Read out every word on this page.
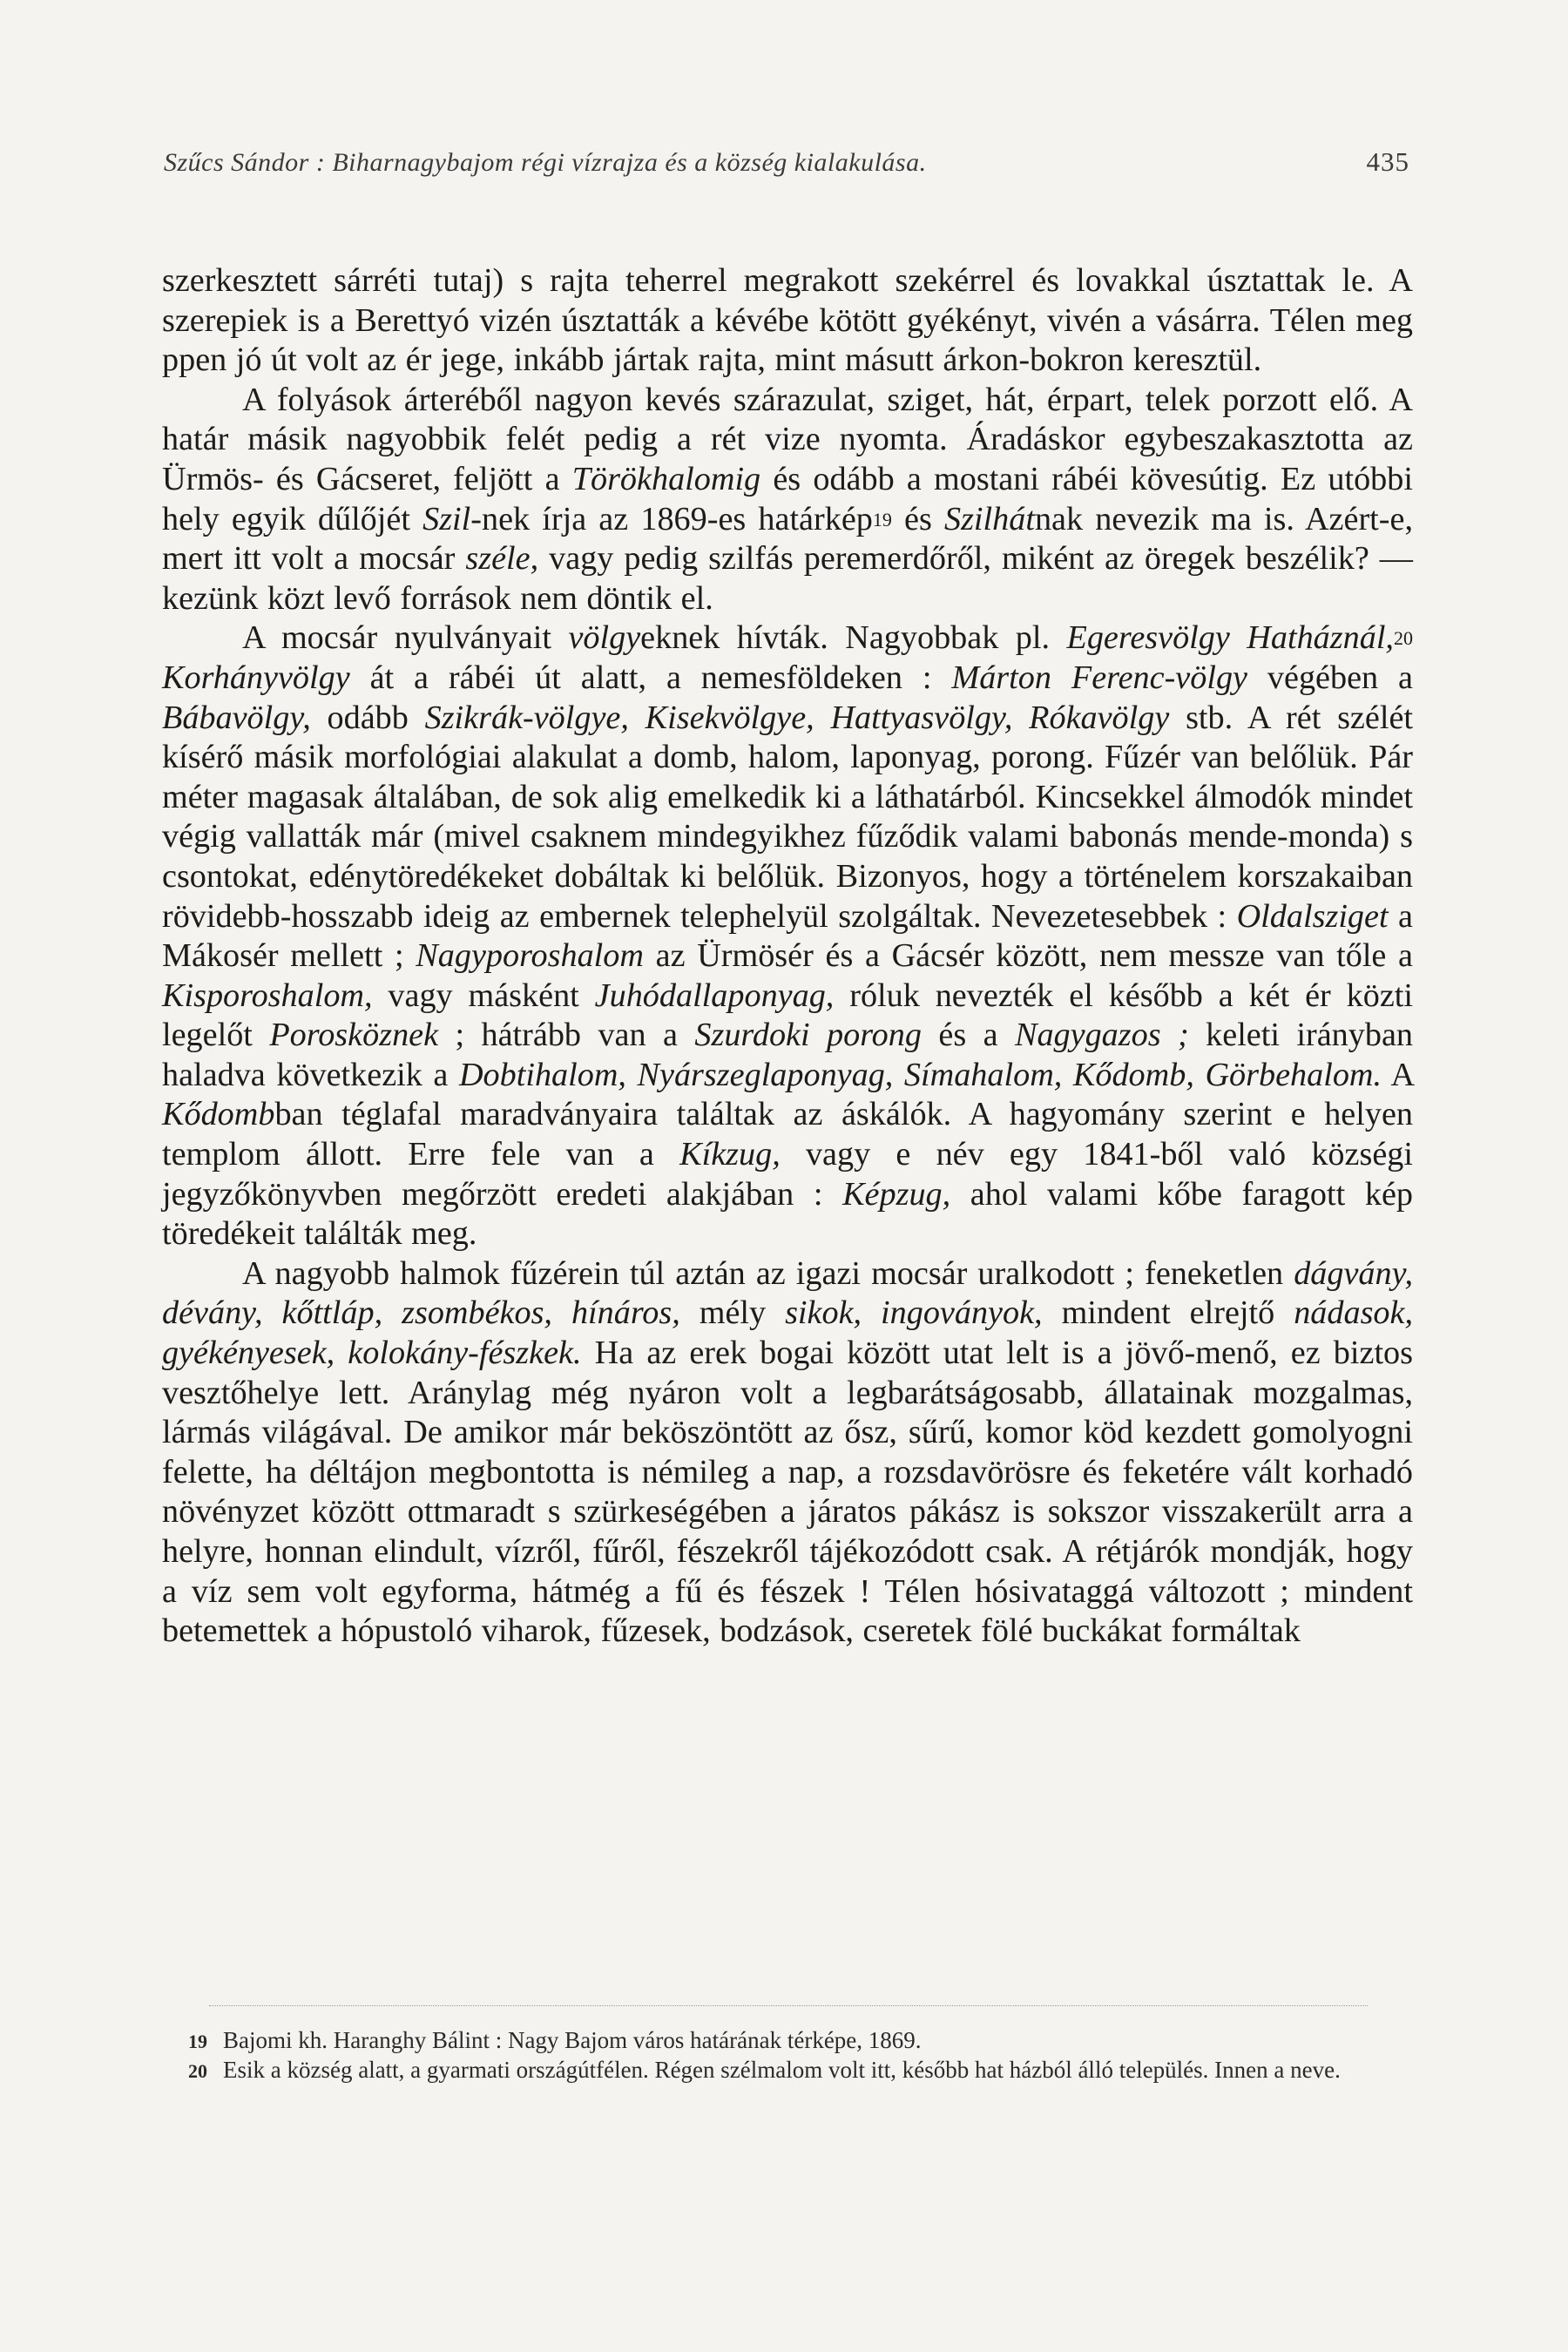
Szűcs Sándor : Biharnagybajom régi vízrajza és a község kialakulása.	435

szerkesztett sárréti tutaj) s rajta teherrel megrakott szekérrel és lovakkal úsztattak le. A szerepiek is a Berettyó vizén úsztatták a kévébe kötött gyékényt, vivén a vásárra. Télen meg ppen jó út volt az ér jege, inkább jártak rajta, mint másutt árkon-bokron keresztül.

A folyások árteréből nagyon kevés szárazulat, sziget, hát, érpart, telek porzott elő. A határ másik nagyobbik felét pedig a rét vize nyomta. Áradáskor egybeszakasztotta az Ürmös- és Gácseret, feljött a Törökhalomig és odább a mostani rábéi kövesútig. Ez utóbbi hely egyik dűlőjét Szil-nek írja az 1869-es határkép$^{19}$ és Szilhátnak nevezik ma is. Azért-e, mert itt volt a mocsár széle, vagy pedig szilfás peremerdőről, miként az öregek beszélik? — kezünk közt levő források nem döntik el.

A mocsár nyulványait völgyeknek hívták. Nagyobbak pl. Egeresvölgy Hatháznál,$^{20}$ Korhányvölgy át a rábéi út alatt, a nemesföldeken : Márton Ferenc-völgy végében a Bábavölgy, odább Szikrák-völgye, Kisekvölgye, Hattyasvölgy, Rókavölgy stb. A rét szélét kísérő másik morfológiai alakulat a domb, halom, laponyag, porong. Fűzér van belőlük. Pár méter magasak általában, de sok alig emelkedik ki a láthatárból. Kincsekkel álmodók mindet végig vallatták már (mivel csaknem mindegyikhez fűződik valami babonás mende-monda) s csontokat, edénytöredékeket dobáltak ki belőlük. Bizonyos, hogy a történelem korszakaiban rövidebb-hosszabb ideig az embernek telephelyül szolgáltak. Nevezetesebbek : Oldalsziget a Mákosér mellett ; Nagyporoshalom az Ürmösér és a Gácsér között, nem messze van tőle a Kisporoshalom, vagy másként Juhódallaponyag, róluk nevezték el később a két ér közti legelőt Porosköznek ; hátrább van a Szurdoki porong és a Nagygazos ; keleti irányban haladva következik a Dobtihalom, Nyárszeglaponyag, Símahalom, Kődomb, Görbehalom. A Kődombban téglafal maradványaira találtak az áskálók. A hagyomány szerint e helyen templom állott. Erre fele van a Kíkzug, vagy e név egy 1841-ből való községi jegyzőkönyvben megőrzött eredeti alakjában : Képzug, ahol valami kőbe faragott kép töredékeit találták meg.

A nagyobb halmok fűzérein túl aztán az igazi mocsár uralkodott ; feneketlen dágvány, dévány, kőttláp, zsombékos, hínáros, mély sikok, ingoványok, mindent elrejtő nádasok, gyékényesek, kolokány-fészkek. Ha az erek bogai között utat lelt is a jövő-menő, ez biztos vesztőhelye lett. Aránylag még nyáron volt a legbarátságosabb, állatainak mozgalmas, lármás világával. De amikor már beköszöntött az ősz, sűrű, komor köd kezdett gomolyogni felette, ha déltájon megbontotta is némileg a nap, a rozsdavörösre és feketére vált korhadó növényzet között ottmaradt s szürkeségében a járatos pákász is sokszor visszakerült arra a helyre, honnan elindult, vízről, fűről, fészekről tájékozódott csak. A rétjárók mondják, hogy a víz sem volt egyforma, hátmég a fű és fészek ! Télen hósivataggá változott ; mindent betemettek a hópustoló viharok, fűzesek, bodzások, cseretek fölé buckákat formáltak

19 Bajomi kh. Haranghy Bálint : Nagy Bajom város határának térképe, 1869.

20 Esik a község alatt, a gyarmati országútfélen. Régen szélmalom volt itt, később hat házból álló település. Innen a neve.
